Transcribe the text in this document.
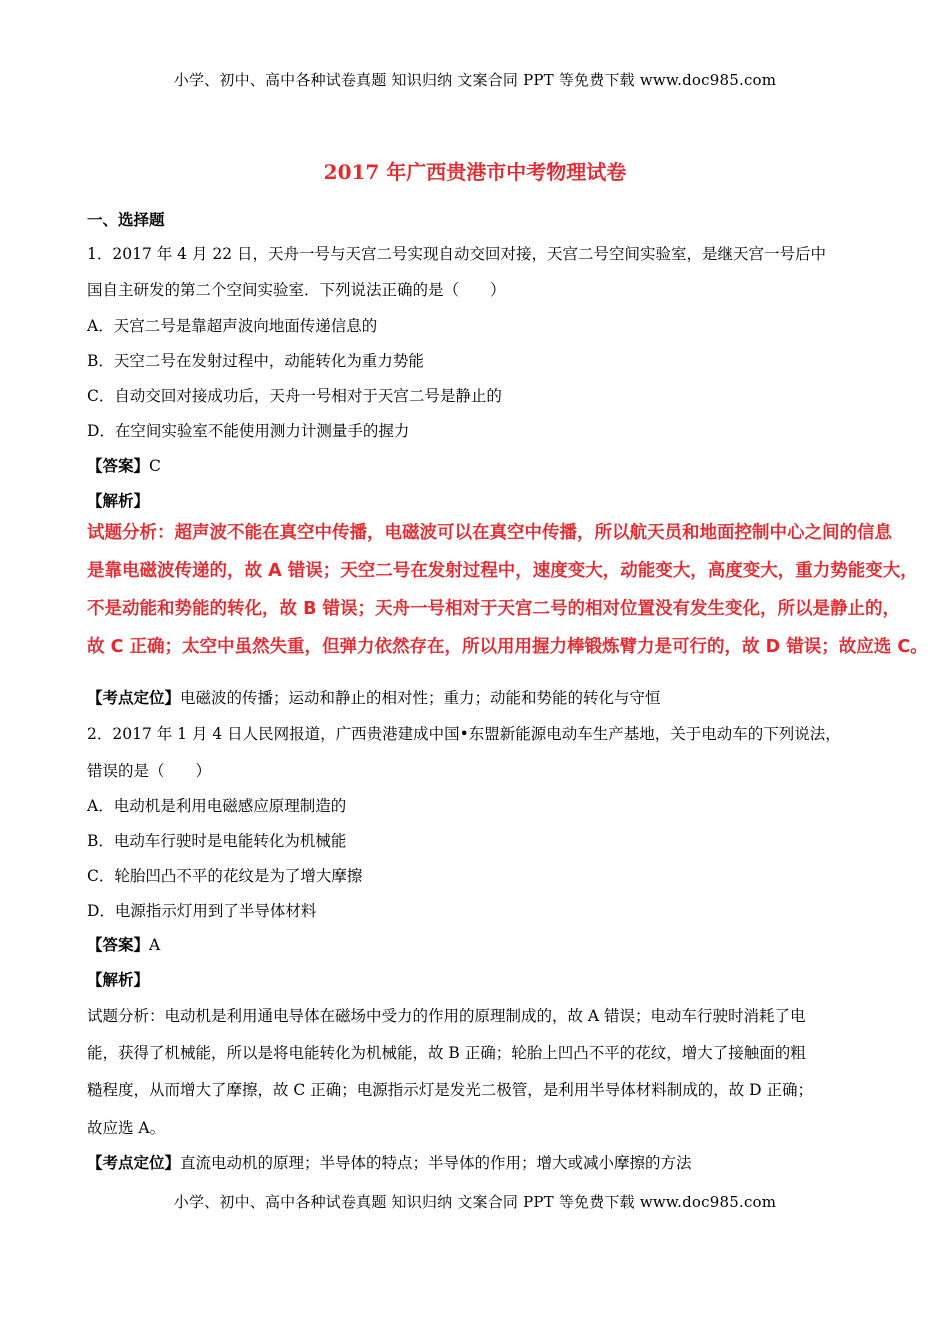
小学、初中、高中各种试卷真题 知识归纳 文案合同 PPT 等免费下载 www.doc985.com
2017 年广西贵港市中考物理试卷
一、选择题
1．2017 年 4 月 22 日，天舟一号与天宫二号实现自动交回对接，天宫二号空间实验室，是继天宫一号后中
国自主研发的第二个空间实验室．下列说法正确的是（　　）
A．天宫二号是靠超声波向地面传递信息的
B．天空二号在发射过程中，动能转化为重力势能
C．自动交回对接成功后，天舟一号相对于天宫二号是静止的
D．在空间实验室不能使用测力计测量手的握力
【答案】C
【解析】
试题分析：超声波不能在真空中传播，电磁波可以在真空中传播，所以航天员和地面控制中心之间的信息
是靠电磁波传递的，故 A 错误；天空二号在发射过程中，速度变大，动能变大，高度变大，重力势能变大，
不是动能和势能的转化，故 B 错误；天舟一号相对于天宫二号的相对位置没有发生变化，所以是静止的，
故 C 正确；太空中虽然失重，但弹力依然存在，所以用用握力棒锻炼臂力是可行的，故 D 错误；故应选 C。
【考点定位】电磁波的传播；运动和静止的相对性；重力；动能和势能的转化与守恒
2．2017 年 1 月 4 日人民网报道，广西贵港建成中国•东盟新能源电动车生产基地，关于电动车的下列说法，
错误的是（　　）
A．电动机是利用电磁感应原理制造的
B．电动车行驶时是电能转化为机械能
C．轮胎凹凸不平的花纹是为了增大摩擦
D．电源指示灯用到了半导体材料
【答案】A
【解析】
试题分析：电动机是利用通电导体在磁场中受力的作用的原理制成的，故 A 错误；电动车行驶时消耗了电
能，获得了机械能，所以是将电能转化为机械能，故 B 正确；轮胎上凹凸不平的花纹，增大了接触面的粗
糙程度，从而增大了摩擦，故 C 正确；电源指示灯是发光二极管，是利用半导体材料制成的，故 D 正确；
故应选 A。
【考点定位】直流电动机的原理；半导体的特点；半导体的作用；增大或减小摩擦的方法
小学、初中、高中各种试卷真题 知识归纳 文案合同 PPT 等免费下载 www.doc985.com
